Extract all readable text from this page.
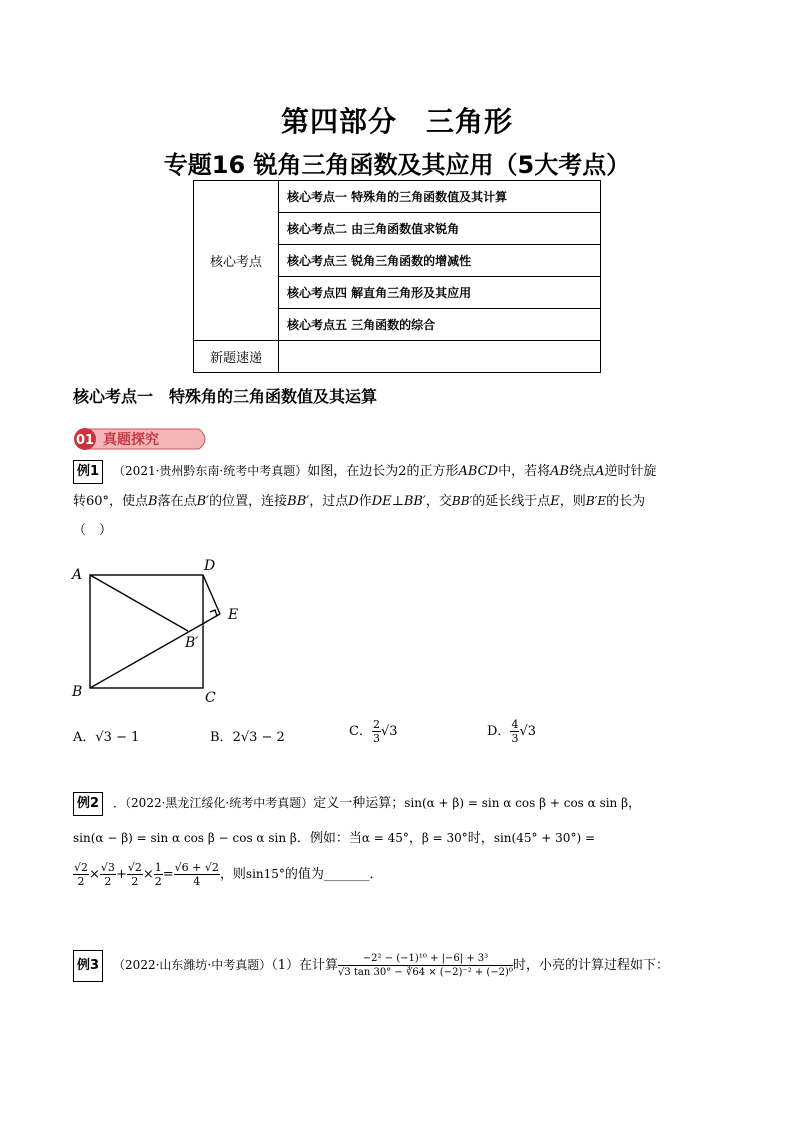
第四部分　三角形
专题16 锐角三角函数及其应用（5大考点）
核心考点	核心考点一 特殊角的三角函数值及其计算
	核心考点二 由三角函数值求锐角
	核心考点三 锐角三角函数的增减性
	核心考点四 解直角三角形及其应用
	核心考点五 三角函数的综合
新题速递	
核心考点一　特殊角的三角函数值及其运算
01 真题探究
例1 （2021·贵州黔东南·统考中考真题）如图，在边长为2的正方形ABCD中，若将AB绕点A逆时针旋
转60°，使点B落在点B′的位置，连接BB′，过点D作DE⊥BB′，交BB′的延长线于点E，则B′E的长为
（　）
A
B	C
D
E
B′
A．√3 − 1	B．2√3 − 2	C． $\frac{2}{3} √3$	D． $\frac{4}{3} √3$
例2 ．（2022·黑龙江绥化·统考中考真题）定义一种运算；sin(α + β) = sin α cos β + cos α sin β，
sin(α − β) = sin α cos β − cos α sin β．例如：当α = 45°，β = 30°时，sin(45° + 30°) =
$\frac{√2}{2} \times \frac{√3}{2} + \frac{√2}{2} \times \frac{1}{2} = \frac{√6 + √2}{4}$ ，则sin15°的值为_______．
例3 （2022·山东潍坊·中考真题）（1）在计算 $\frac{\text{−2² − (−1)¹⁰ + |−6| + 3³}}{\text{√3 tan 30° − ∛64 × (−2)⁻² + (−2)⁰}}$ 时，小亮的计算过程如下：
